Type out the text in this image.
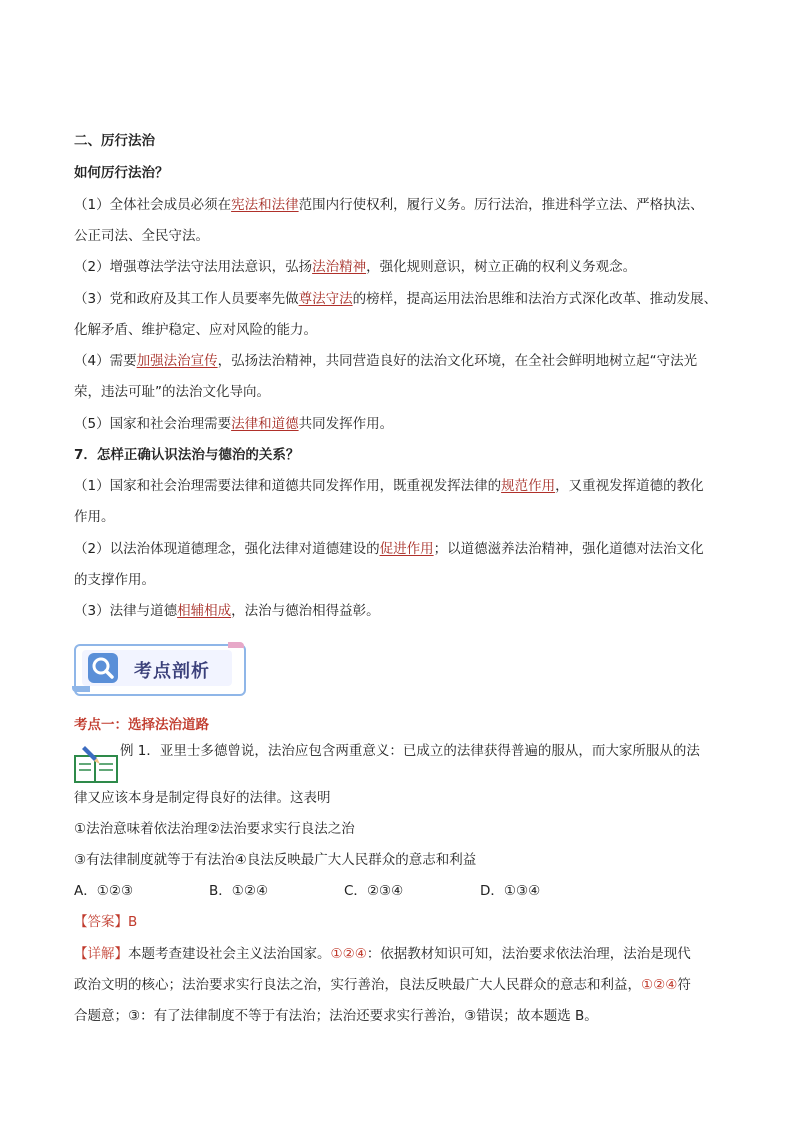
二、厉行法治
如何厉行法治？
（1）全体社会成员必须在宪法和法律范围内行使权利，履行义务。厉行法治，推进科学立法、严格执法、
公正司法、全民守法。
（2）增强尊法学法守法用法意识，弘扬法治精神，强化规则意识，树立正确的权利义务观念。
（3）党和政府及其工作人员要率先做尊法守法的榜样，提高运用法治思维和法治方式深化改革、推动发展、
化解矛盾、维护稳定、应对风险的能力。
（4）需要加强法治宣传，弘扬法治精神，共同营造良好的法治文化环境，在全社会鲜明地树立起“守法光
荣，违法可耻”的法治文化导向。
（5）国家和社会治理需要法律和道德共同发挥作用。
7．怎样正确认识法治与德治的关系？
（1）国家和社会治理需要法律和道德共同发挥作用，既重视发挥法律的规范作用，又重视发挥道德的教化
作用。
（2）以法治体现道德理念，强化法律对道德建设的促进作用；以道德滋养法治精神，强化道德对法治文化
的支撑作用。
（3）法律与道德相辅相成，法治与德治相得益彰。
考点剖析
考点一：选择法治道路
例 1．亚里士多德曾说，法治应包含两重意义：已成立的法律获得普遍的服从，而大家所服从的法
律又应该本身是制定得良好的法律。这表明
①法治意味着依法治理②法治要求实行良法之治
③有法律制度就等于有法治④良法反映最广大人民群众的意志和利益
A．①②③	B．①②④	C．②③④	D．①③④
【答案】B
【详解】本题考查建设社会主义法治国家。①②④：依据教材知识可知，法治要求依法治理，法治是现代
政治文明的核心；法治要求实行良法之治，实行善治，良法反映最广大人民群众的意志和利益，①②④符
合题意；③：有了法律制度不等于有法治；法治还要求实行善治，③错误；故本题选 B。
